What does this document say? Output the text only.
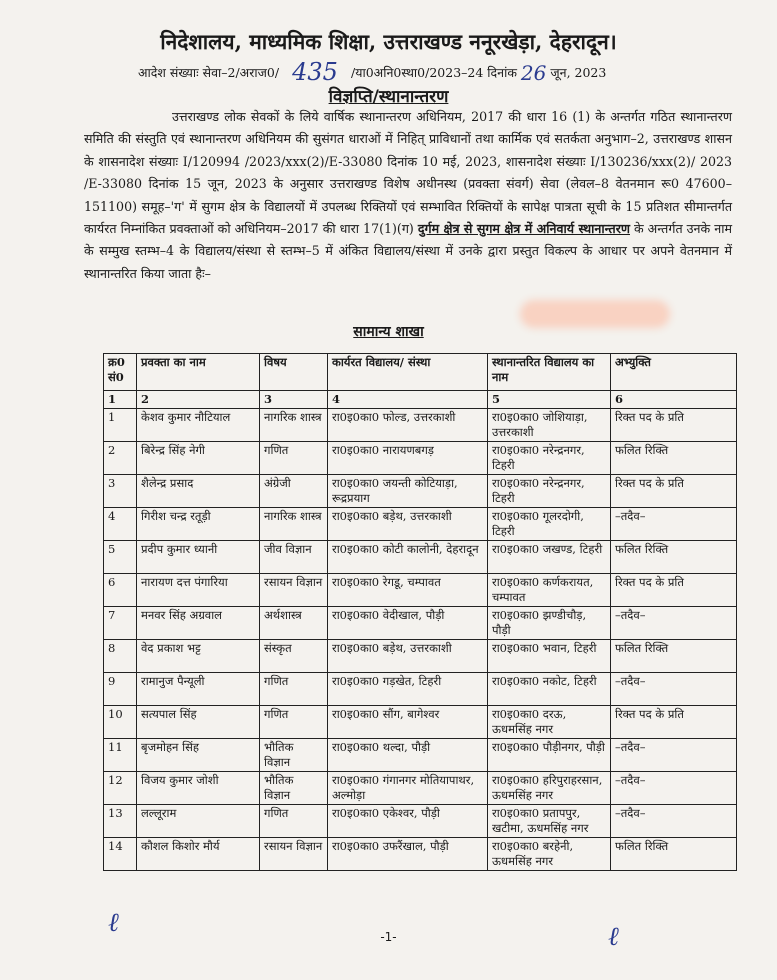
निदेशालय, माध्यमिक शिक्षा, उत्तराखण्ड ननूरखेड़ा, देहरादून।
आदेश संख्याः सेवा–2/अराज0/ 435 /या0अनि0स्था0/2023–24 दिनांक 26 जून, 2023
विज्ञप्ति/स्थानान्तरण
उत्तराखण्ड लोक सेवकों के लिये वार्षिक स्थानान्तरण अधिनियम, 2017 की धारा 16 (1) के अन्तर्गत गठित स्थानान्तरण समिति की संस्तुति एवं स्थानान्तरण अधिनियम की सुसंगत धाराओं में निहित् प्राविधानों तथा कार्मिक एवं सतर्कता अनुभाग–2, उत्तराखण्ड शासन के शासनादेश संख्याः I/120994 /2023/xxx(2)/E-33080 दिनांक 10 मई, 2023, शासनादेश संख्याः I/130236/xxx(2)/ 2023 /E-33080 दिनांक 15 जून, 2023 के अनुसार उत्तराखण्ड विशेष अधीनस्थ (प्रवक्ता संवर्ग) सेवा (लेवल–8 वेतनमान रू0 47600–151100) समूह–'ग' में सुगम क्षेत्र के विद्यालयों में उपलब्ध रिक्तियों एवं सम्भावित रिक्तियों के सापेक्ष पात्रता सूची के 15 प्रतिशत सीमान्तर्गत कार्यरत निम्नांकित प्रवक्ताओं को अधिनियम–2017 की धारा 17(1)(ग) दुर्गम क्षेत्र से सुगम क्षेत्र में अनिवार्य स्थानान्तरण के अन्तर्गत उनके नाम के सम्मुख स्तम्भ–4 के विद्यालय/संस्था से स्तम्भ–5 में अंकित विद्यालय/संस्था में उनके द्वारा प्रस्तुत विकल्प के आधार पर अपने वेतनमान में स्थानान्तरित किया जाता हैः–
सामान्य शाखा
क्र0 सं0	प्रवक्ता का नाम	विषय	कार्यरत विद्यालय/ संस्था	स्थानान्तरित विद्यालय का नाम	अभ्युक्ति
1	2	3	4	5	6
1	केशव कुमार नौटियाल	नागरिक शास्त्र	रा0इ0का0 फोल्ड, उत्तरकाशी	रा0इ0का0 जोशियाड़ा, उत्तरकाशी	रिक्त पद के प्रति
2	बिरेन्द्र सिंह नेगी	गणित	रा0इ0का0 नारायणबगड़	रा0इ0का0 नरेन्द्रनगर, टिहरी	फलित रिक्ति
3	शैलेन्द्र प्रसाद	अंग्रेजी	रा0इ0का0 जयन्ती कोटियाड़ा, रूद्रप्रयाग	रा0इ0का0 नरेन्द्रनगर, टिहरी	रिक्त पद के प्रति
4	गिरीश चन्द्र रतूड़ी	नागरिक शास्त्र	रा0इ0का0 बड़ेथ, उत्तरकाशी	रा0इ0का0 गूलरदोगी, टिहरी	–तदैव–
5	प्रदीप कुमार ध्यानी	जीव विज्ञान	रा0इ0का0 कोटी कालोनी, देहरादून	रा0इ0का0 जखण्ड, टिहरी	फलित रिक्ति
6	नारायण दत्त पंगारिया	रसायन विज्ञान	रा0इ0का0 रेगडू, चम्पावत	रा0इ0का0 कर्णकरायत, चम्पावत	रिक्त पद के प्रति
7	मनवर सिंह अग्रवाल	अर्थशास्त्र	रा0इ0का0 वेदीखाल, पौड़ी	रा0इ0का0 झण्डीचौड़, पौड़ी	–तदैव–
8	वेद प्रकाश भट्ट	संस्कृत	रा0इ0का0 बड़ेथ, उत्तरकाशी	रा0इ0का0 भवान, टिहरी	फलित रिक्ति
9	रामानुज पैन्यूली	गणित	रा0इ0का0 गड़खेत, टिहरी	रा0इ0का0 नकोट, टिहरी	–तदैव–
10	सत्यपाल सिंह	गणित	रा0इ0का0 सौंग, बागेश्वर	रा0इ0का0 दरऊ, ऊधमसिंह नगर	रिक्त पद के प्रति
11	बृजमोहन सिंह	भौतिक विज्ञान	रा0इ0का0 थल्दा, पौड़ी	रा0इ0का0 पौड़ीनगर, पौड़ी	–तदैव–
12	विजय कुमार जोशी	भौतिक विज्ञान	रा0इ0का0 गंगानगर मोतियापाथर, अल्मोड़ा	रा0इ0का0 हरिपुराहरसान, ऊधमसिंह नगर	–तदैव–
13	लल्लूराम	गणित	रा0इ0का0 एकेश्वर, पौड़ी	रा0इ0का0 प्रतापपुर, खटीमा, ऊधमसिंह नगर	–तदैव–
14	कौशल किशोर मौर्य	रसायन विज्ञान	रा0इ0का0 उफरैंखाल, पौड़ी	रा0इ0का0 बरहेनी, ऊधमसिंह नगर	फलित रिक्ति
ℓ	-1-	ℓ
